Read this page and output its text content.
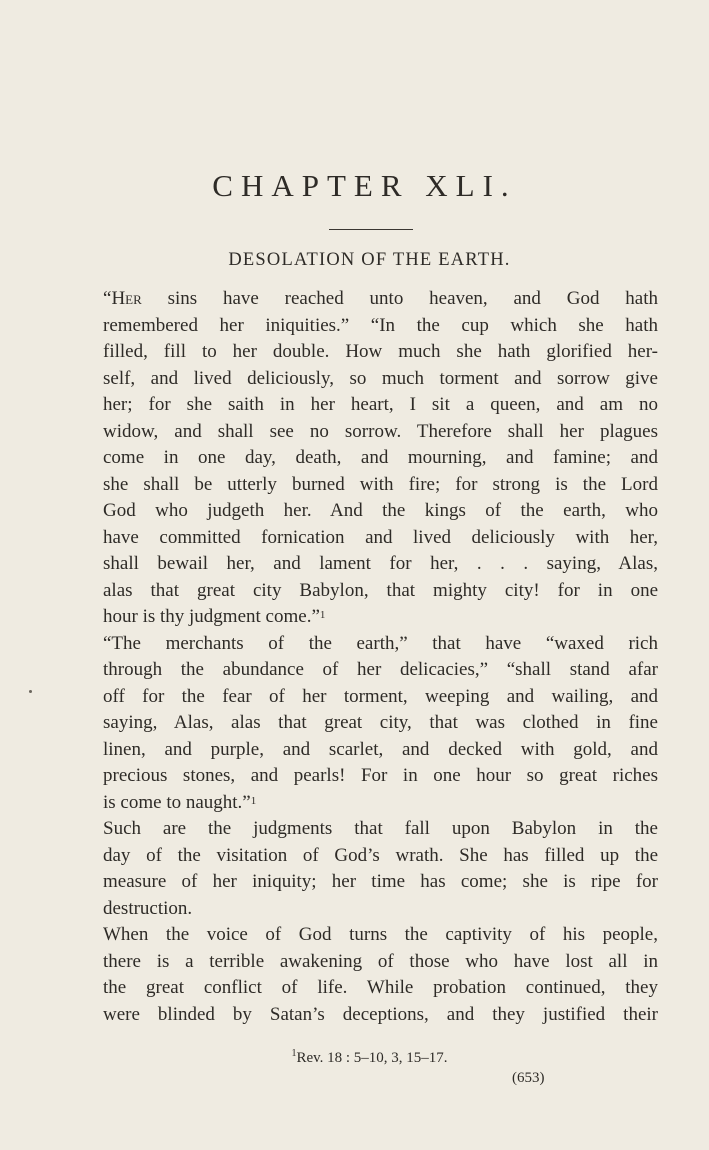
CHAPTER XLI.
DESOLATION OF THE EARTH.

“Her sins have reached unto heaven, and God hath
remembered her iniquities.” “In the cup which she hath
filled, fill to her double. How much she hath glorified her-
self, and lived deliciously, so much torment and sorrow give
her; for she saith in her heart, I sit a queen, and am no
widow, and shall see no sorrow. Therefore shall her plagues
come in one day, death, and mourning, and famine; and
she shall be utterly burned with fire; for strong is the Lord
God who judgeth her. And the kings of the earth, who
have committed fornication and lived deliciously with her,
shall bewail her, and lament for her, . . . saying, Alas,
alas that great city Babylon, that mighty city! for in one
hour is thy judgment come.”$^1$

“The merchants of the earth,” that have “waxed rich
through the abundance of her delicacies,” “shall stand afar
off for the fear of her torment, weeping and wailing, and
saying, Alas, alas that great city, that was clothed in fine
linen, and purple, and scarlet, and decked with gold, and
precious stones, and pearls! For in one hour so great riches
is come to naught.”$^1$

Such are the judgments that fall upon Babylon in the
day of the visitation of God’s wrath. She has filled up the
measure of her iniquity; her time has come; she is ripe for
destruction.

When the voice of God turns the captivity of his people,
there is a terrible awakening of those who have lost all in
the great conflict of life. While probation continued, they
were blinded by Satan’s deceptions, and they justified their

$^1$Rev. 18 : 5–10, 3, 15–17.
(653)
